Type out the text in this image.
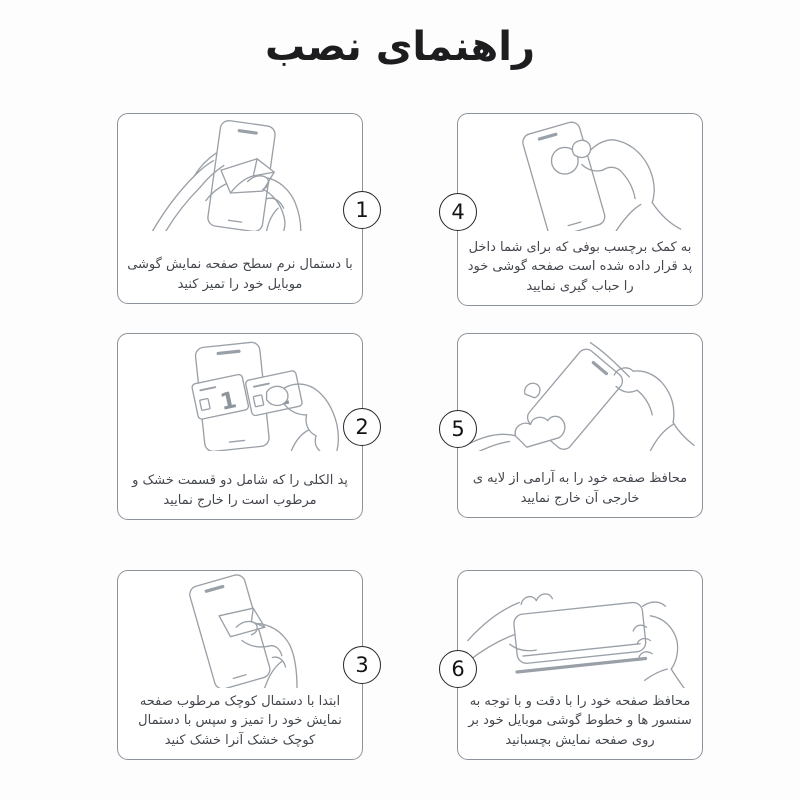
راهنمای نصب
1
با دستمال نرم سطح صفحه نمایش گوشی موبایل خود را تمیز کنید
1
2
پد الکلی را که شامل دو قسمت خشک و مرطوب است را خارج نمایید
3
ابتدا با دستمال کوچک مرطوب صفحه نمایش خود را تمیز و سپس با دستمال کوچک خشک آنرا خشک کنید
4
به کمک برچسب بوفی که برای شما داخل پد قرار داده شده است صفحه گوشی خود را حباب گیری نمایید
5
محافظ صفحه خود را به آرامی از لایه ی خارجی آن خارج نمایید
6
محافظ صفحه خود را با دقت و با توجه به سنسور ها و خطوط گوشی موبایل خود بر روی صفحه نمایش بچسبانید
